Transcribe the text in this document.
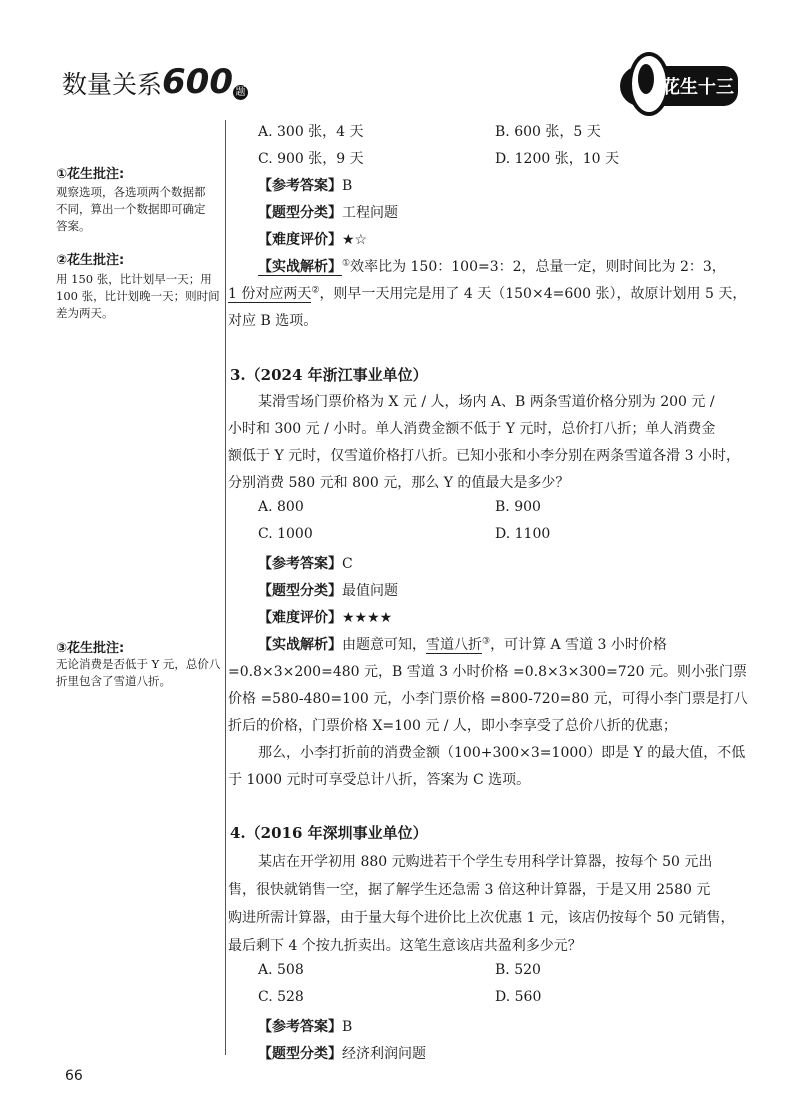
数量关系600 题	花生十三
①花生批注:
观察选项，各选项两个数据都不同，算出一个数据即可确定答案。
②花生批注:
用 150 张，比计划早一天；用 100 张，比计划晚一天；则时间差为两天。
③花生批注:
无论消费是否低于 Y 元，总价八折里包含了雪道八折。
A. 300 张，4 天	B. 600 张，5 天
C. 900 张，9 天	D. 1200 张，10 天
【参考答案】B
【题型分类】工程问题
【难度评价】★☆
【实战解析】①效率比为 150：100=3：2，总量一定，则时间比为 2：3，
1 份对应两天②，则早一天用完是用了 4 天（150×4=600 张），故原计划用 5 天，
对应 B 选项。
3.（2024 年浙江事业单位）
某滑雪场门票价格为 X 元 / 人，场内 A、B 两条雪道价格分别为 200 元 /
小时和 300 元 / 小时。单人消费金额不低于 Y 元时，总价打八折；单人消费金
额低于 Y 元时，仅雪道价格打八折。已知小张和小李分别在两条雪道各滑 3 小时，
分别消费 580 元和 800 元，那么 Y 的值最大是多少？
A. 800	B. 900
C. 1000	D. 1100
【参考答案】C
【题型分类】最值问题
【难度评价】★★★★
【实战解析】由题意可知，雪道八折③，可计算 A 雪道 3 小时价格
=0.8×3×200=480 元，B 雪道 3 小时价格 =0.8×3×300=720 元。则小张门票
价格 =580-480=100 元，小李门票价格 =800-720=80 元，可得小李门票是打八
折后的价格，门票价格 X=100 元 / 人，即小李享受了总价八折的优惠；
那么，小李打折前的消费金额（100+300×3=1000）即是 Y 的最大值，不低
于 1000 元时可享受总计八折，答案为 C 选项。
4.（2016 年深圳事业单位）
某店在开学初用 880 元购进若干个学生专用科学计算器，按每个 50 元出
售，很快就销售一空，据了解学生还急需 3 倍这种计算器，于是又用 2580 元
购进所需计算器，由于量大每个进价比上次优惠 1 元，该店仍按每个 50 元销售，
最后剩下 4 个按九折卖出。这笔生意该店共盈利多少元？
A. 508	B. 520
C. 528	D. 560
【参考答案】B
【题型分类】经济利润问题
66
